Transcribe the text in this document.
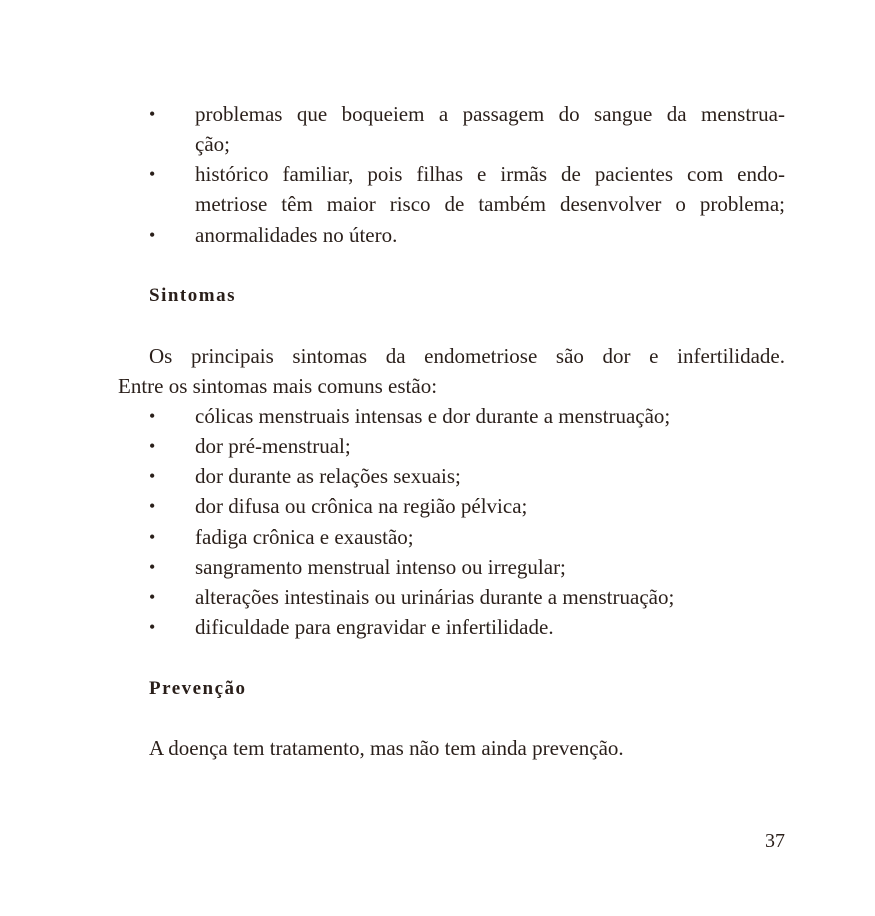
• problemas que boqueiem a passagem do sangue da menstrua-
ção;
• histórico familiar, pois filhas e irmãs de pacientes com endo-
metriose têm maior risco de também desenvolver o problema;
• anormalidades no útero.
Sintomas
Os principais sintomas da endometriose são dor e infertilidade.
Entre os sintomas mais comuns estão:
• cólicas menstruais intensas e dor durante a menstruação;
• dor pré-menstrual;
• dor durante as relações sexuais;
• dor difusa ou crônica na região pélvica;
• fadiga crônica e exaustão;
• sangramento menstrual intenso ou irregular;
• alterações intestinais ou urinárias durante a menstruação;
• dificuldade para engravidar e infertilidade.
Prevenção
A doença tem tratamento, mas não tem ainda prevenção.
37
